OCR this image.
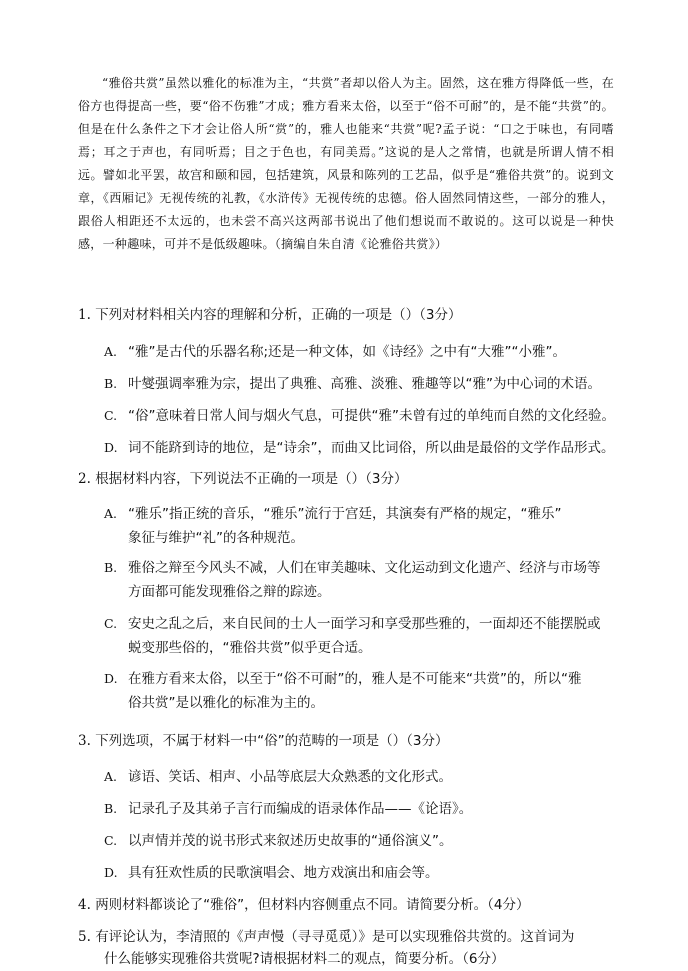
“雅俗共赏”虽然以雅化的标准为主，“共赏”者却以俗人为主。固然，这在雅方得降低一些，在俗方也得提高一些，要“俗不伤雅”才成；雅方看来太俗，以至于“俗不可耐”的，是不能“共赏”的。但是在什么条件之下才会让俗人所“赏”的，雅人也能来“共赏”呢?孟子说：“口之于味也，有同嗜焉；耳之于声也，有同听焉；目之于色也，有同美焉。”这说的是人之常情，也就是所谓人情不相远。譬如北平罢，故宫和颐和园，包括建筑，风景和陈列的工艺品，似乎是“雅俗共赏”的。说到文章，《西厢记》无视传统的礼教，《水浒传》无视传统的忠德。俗人固然同情这些，一部分的雅人，跟俗人相距还不太远的，也未尝不高兴这两部书说出了他们想说而不敢说的。这可以说是一种快感，一种趣味，可并不是低级趣味。（摘编自朱自清《论雅俗共赏》）
1. 下列对材料相关内容的理解和分析，正确的一项是（）（3分）
A. “雅”是古代的乐器名称;还是一种文体，如《诗经》之中有“大雅”“小雅”。
B. 叶燮强调率雅为宗，提出了典雅、高雅、淡雅、雅趣等以“雅”为中心词的术语。
C. “俗”意味着日常人间与烟火气息，可提供“雅”未曾有过的单纯而自然的文化经验。
D. 词不能跻到诗的地位，是“诗余”，而曲又比词俗，所以曲是最俗的文学作品形式。
2. 根据材料内容，下列说法不正确的一项是（）（3分）
A. “雅乐”指正统的音乐，“雅乐”流行于宫廷，其演奏有严格的规定，“雅乐”
象征与维护“礼”的各种规范。
B. 雅俗之辩至今风头不减，人们在审美趣味、文化运动到文化遗产、经济与市场等
方面都可能发现雅俗之辩的踪迹。
C. 安史之乱之后，来自民间的士人一面学习和享受那些雅的，一面却还不能摆脱或
蜕变那些俗的，“雅俗共赏”似乎更合适。
D. 在雅方看来太俗，以至于“俗不可耐”的，雅人是不可能来“共赏”的，所以“雅
俗共赏”是以雅化的标准为主的。
3. 下列选项，不属于材料一中“俗”的范畴的一项是（）（3分）
A. 谚语、笑话、相声、小品等底层大众熟悉的文化形式。
B. 记录孔子及其弟子言行而编成的语录体作品——《论语》。
C. 以声情并茂的说书形式来叙述历史故事的“通俗演义”。
D. 具有狂欢性质的民歌演唱会、地方戏演出和庙会等。
4. 两则材料都谈论了“雅俗”，但材料内容侧重点不同。请简要分析。（4分）
5. 有评论认为，李清照的《声声慢（寻寻觅觅）》是可以实现雅俗共赏的。这首词为
什么能够实现雅俗共赏呢?请根据材料二的观点，简要分析。（6分）
